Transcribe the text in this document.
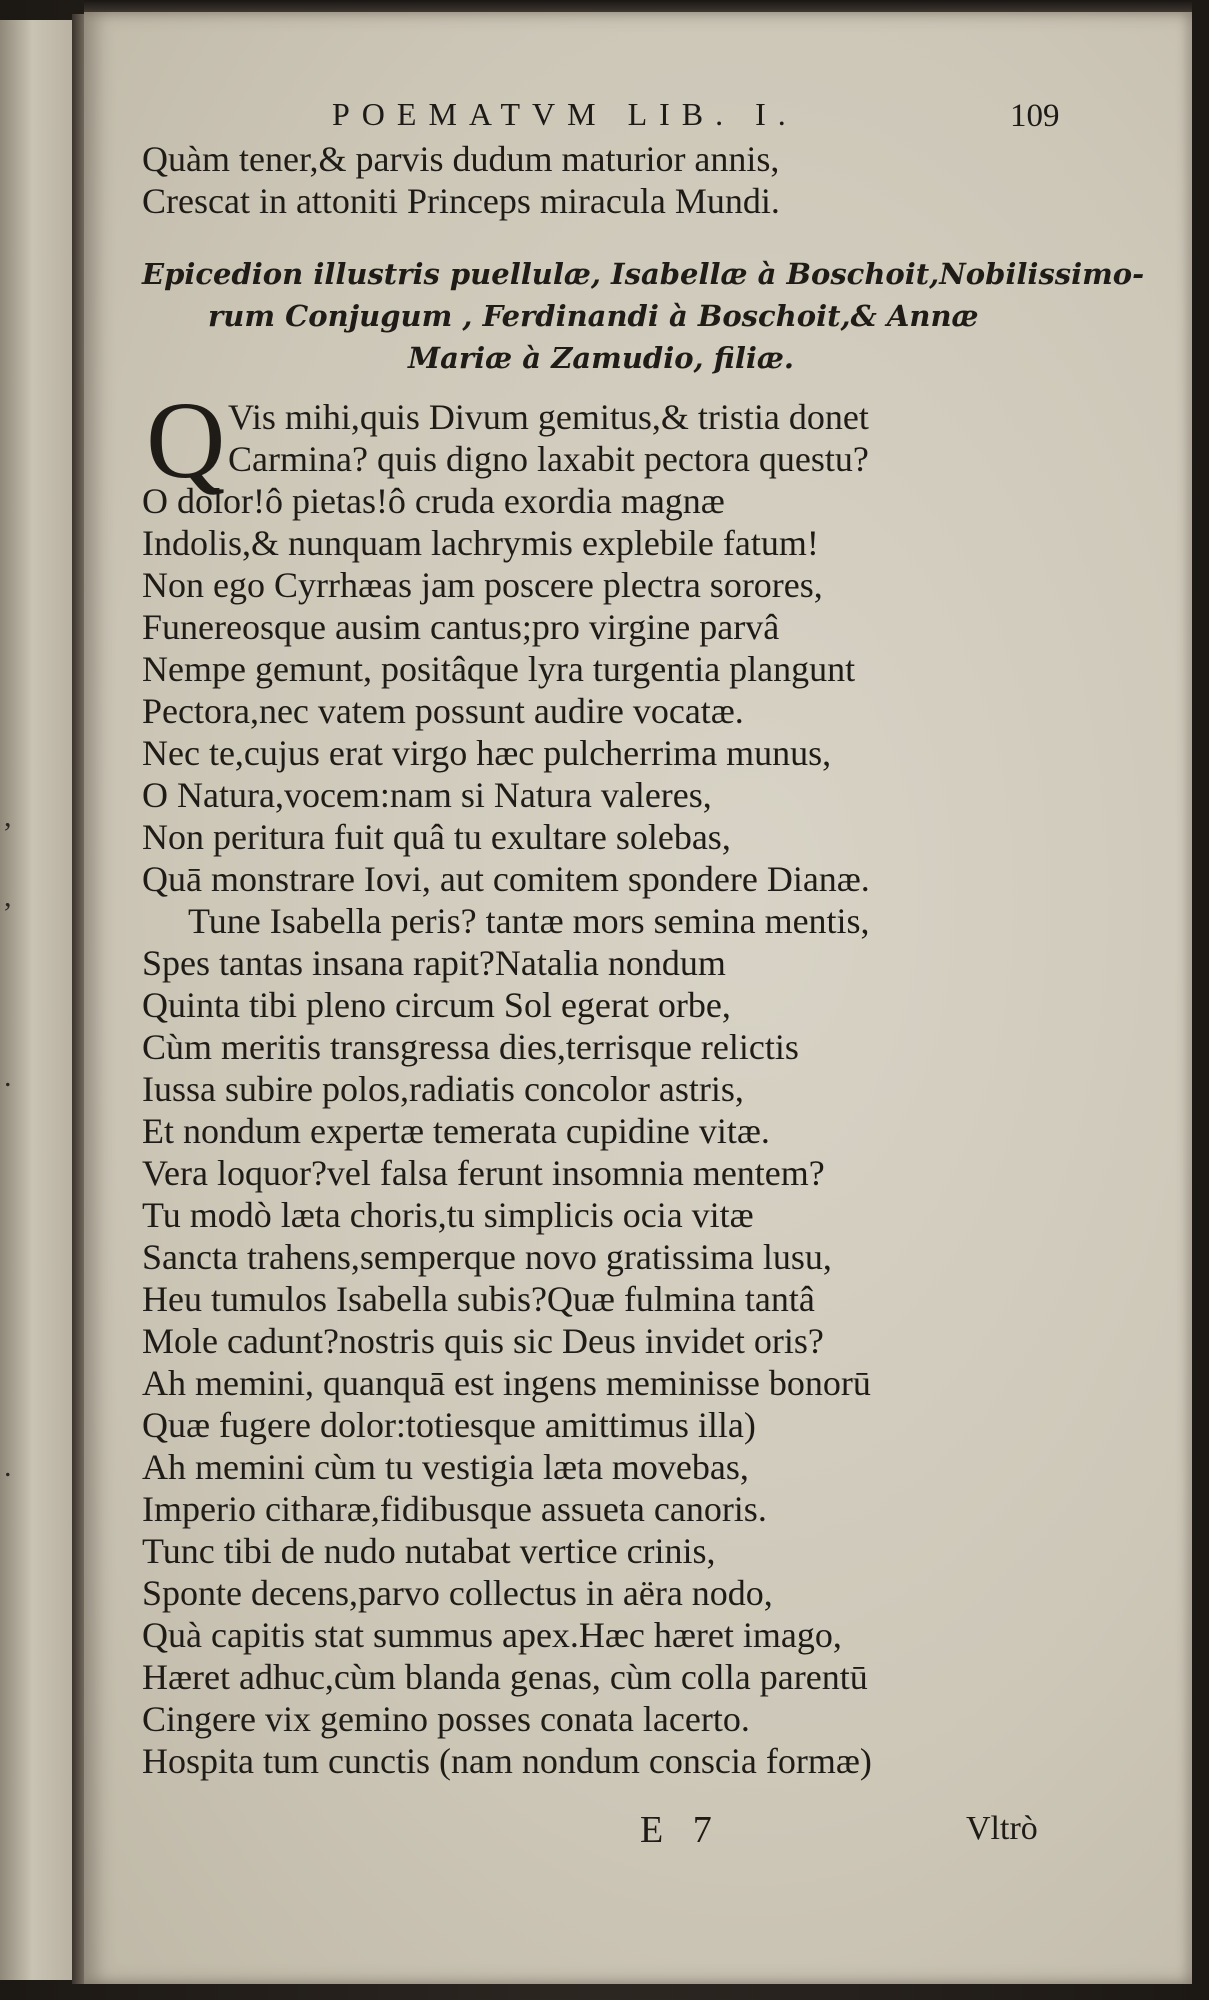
,
,
.
.
POEMATVM LIB. I.	109
Quàm tener,& parvis dudum maturior annis,
Crescat in attoniti Princeps miracula Mundi.
Epicedion illustris puellulæ, Isabellæ à Boschoit,Nobilissimo-
rum Conjugum , Ferdinandi à Boschoit,& Annæ
Mariæ à Zamudio, filiæ.
Q Vis mihi,quis Divum gemitus,& tristia donet
Carmina? quis digno laxabit pectora questu?
O dolor!ô pietas!ô cruda exordia magnæ
Indolis,& nunquam lachrymis explebile fatum!
Non ego Cyrrhæas jam poscere plectra sorores,
Funereosque ausim cantus;pro virgine parvâ
Nempe gemunt, positâque lyra turgentia plangunt
Pectora,nec vatem possunt audire vocatæ.
Nec te,cujus erat virgo hæc pulcherrima munus,
O Natura,vocem:nam si Natura valeres,
Non peritura fuit quâ tu exultare solebas,
Quā monstrare Iovi, aut comitem spondere Dianæ.
Tune Isabella peris? tantæ mors semina mentis,
Spes tantas insana rapit?Natalia nondum
Quinta tibi pleno circum Sol egerat orbe,
Cùm meritis transgressa dies,terrisque relictis
Iussa subire polos,radiatis concolor astris,
Et nondum expertæ temerata cupidine vitæ.
Vera loquor?vel falsa ferunt insomnia mentem?
Tu modò læta choris,tu simplicis ocia vitæ
Sancta trahens,semperque novo gratissima lusu,
Heu tumulos Isabella subis?Quæ fulmina tantâ
Mole cadunt?nostris quis sic Deus invidet oris?
Ah memini, quanquā est ingens meminisse bonorū
Quæ fugere dolor:totiesque amittimus illa)
Ah memini cùm tu vestigia læta movebas,
Imperio citharæ,fidibusque assueta canoris.
Tunc tibi de nudo nutabat vertice crinis,
Sponte decens,parvo collectus in aëra nodo,
Quà capitis stat summus apex.Hæc hæret imago,
Hæret adhuc,cùm blanda genas, cùm colla parentū
Cingere vix gemino posses conata lacerto.
Hospita tum cunctis (nam nondum conscia formæ)
E 7	Vltrò
